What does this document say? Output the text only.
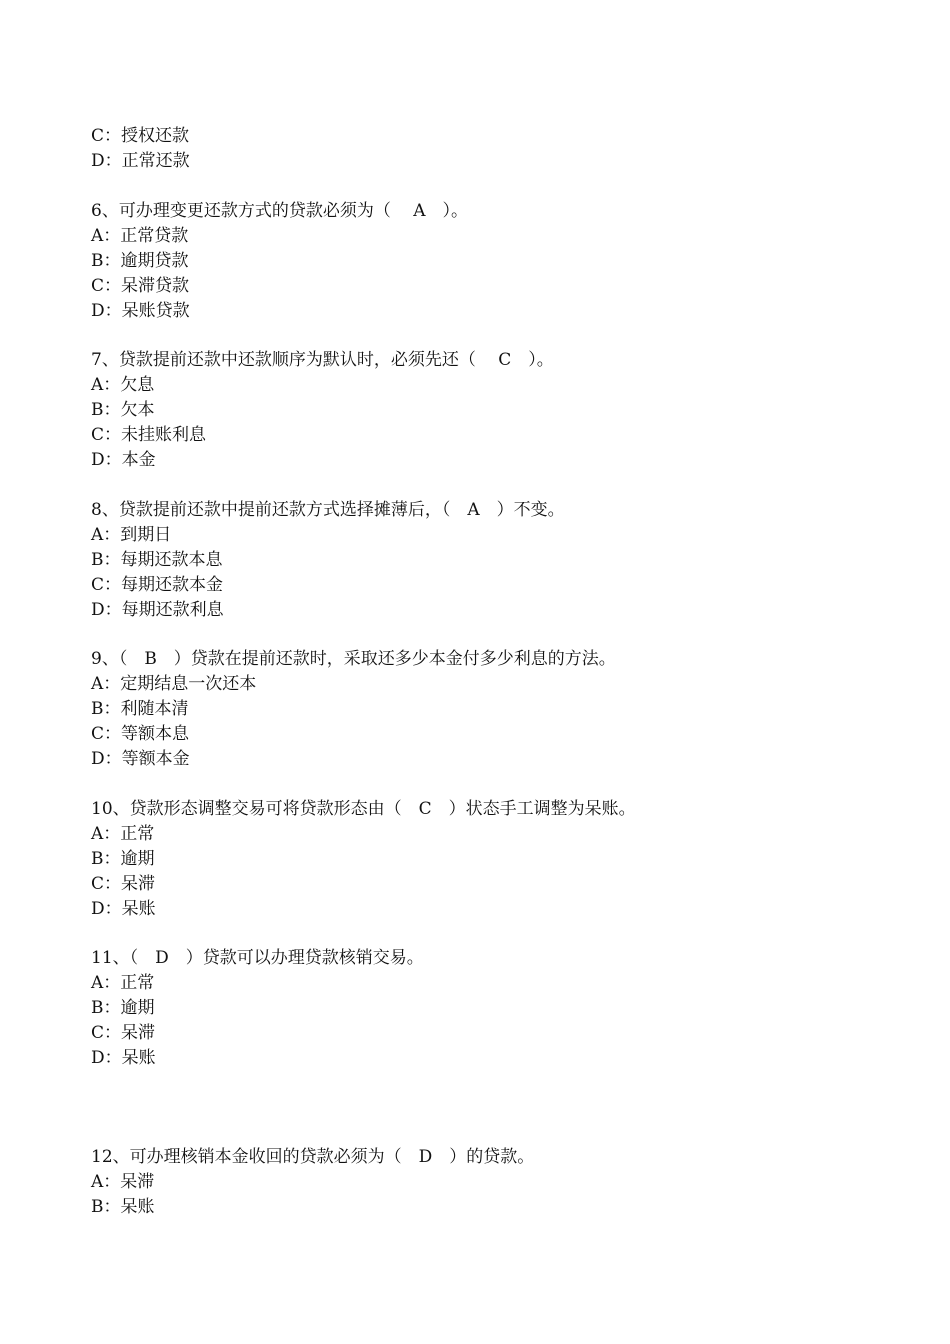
C：授权还款
D：正常还款
6、可办理变更还款方式的贷款必须为（　 A　）。
A：正常贷款
B：逾期贷款
C：呆滞贷款
D：呆账贷款
7、贷款提前还款中还款顺序为默认时，必须先还（　 C　）。
A：欠息
B：欠本
C：未挂账利息
D：本金
8、贷款提前还款中提前还款方式选择摊薄后，（　A　）不变。
A：到期日
B：每期还款本息
C：每期还款本金
D：每期还款利息
9、（　B　）贷款在提前还款时，采取还多少本金付多少利息的方法。
A：定期结息一次还本
B：利随本清
C：等额本息
D：等额本金
10、贷款形态调整交易可将贷款形态由（　C　）状态手工调整为呆账。
A：正常
B：逾期
C：呆滞
D：呆账
11、（　D　）贷款可以办理贷款核销交易。
A：正常
B：逾期
C：呆滞
D：呆账
12、可办理核销本金收回的贷款必须为（　D　）的贷款。
A：呆滞
B：呆账
